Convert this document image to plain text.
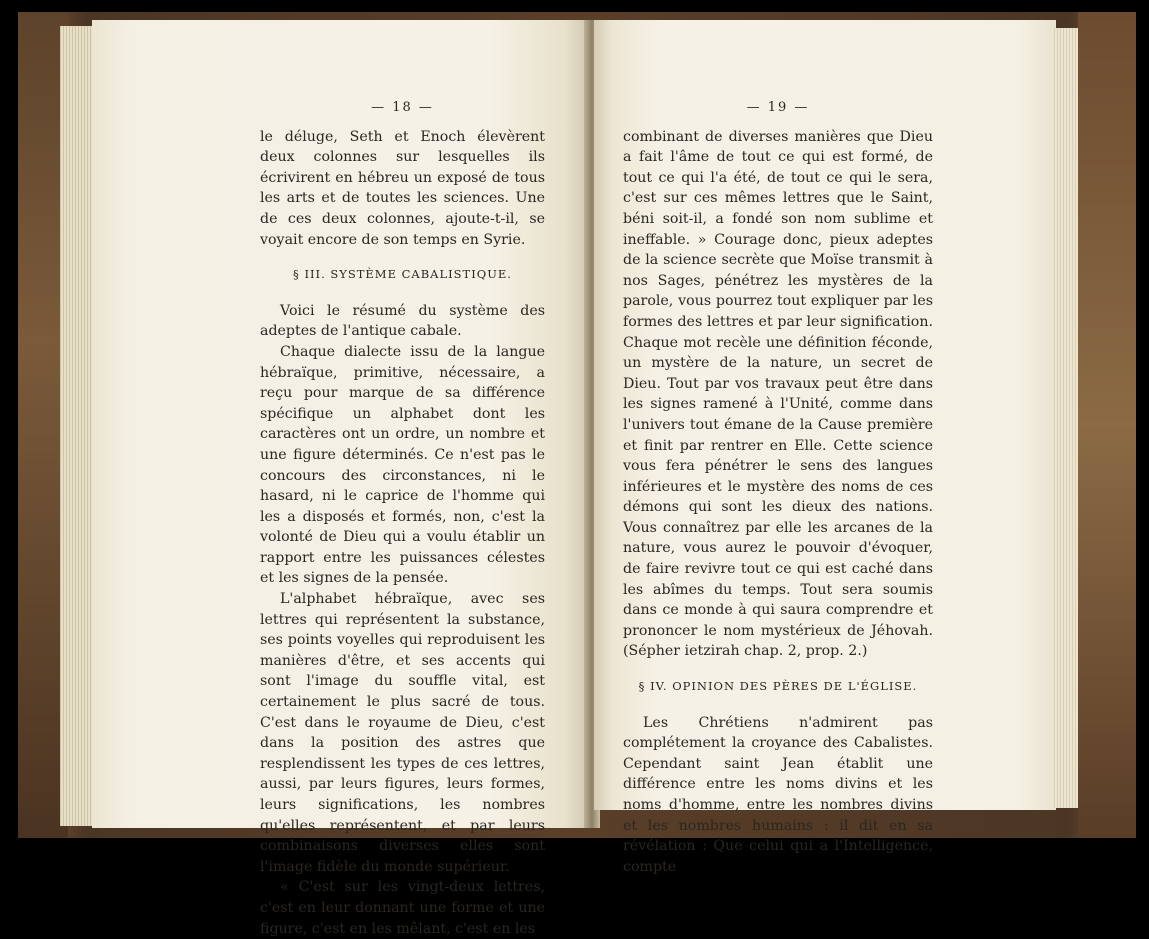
— 18 —

le déluge, Seth et Enoch élevèrent deux colonnes sur lesquelles ils écrivirent en hébreu un exposé de tous les arts et de toutes les sciences. Une de ces deux colonnes, ajoute-t-il, se voyait encore de son temps en Syrie.

§ III. SYSTÈME CABALISTIQUE.

Voici le résumé du système des adeptes de l'antique cabale.

Chaque dialecte issu de la langue hébraïque, primitive, nécessaire, a reçu pour marque de sa différence spécifique un alphabet dont les caractères ont un ordre, un nombre et une figure déterminés. Ce n'est pas le concours des circonstances, ni le hasard, ni le caprice de l'homme qui les a disposés et formés, non, c'est la volonté de Dieu qui a voulu établir un rapport entre les puissances célestes et les signes de la pensée.

L'alphabet hébraïque, avec ses lettres qui représentent la substance, ses points voyelles qui reproduisent les manières d'être, et ses accents qui sont l'image du souffle vital, est certainement le plus sacré de tous. C'est dans le royaume de Dieu, c'est dans la position des astres que resplendissent les types de ces lettres, aussi, par leurs figures, leurs formes, leurs significations, les nombres qu'elles représentent, et par leurs combinaisons diverses elles sont l'image fidèle du monde supérieur.

« C'est sur les vingt-deux lettres, c'est en leur donnant une forme et une figure, c'est en les mêlant, c'est en les

— 19 —

combinant de diverses manières que Dieu a fait l'âme de tout ce qui est formé, de tout ce qui l'a été, de tout ce qui le sera, c'est sur ces mêmes lettres que le Saint, béni soit-il, a fondé son nom sublime et ineffable. » Courage donc, pieux adeptes de la science secrète que Moïse transmit à nos Sages, pénétrez les mystères de la parole, vous pourrez tout expliquer par les formes des lettres et par leur signification. Chaque mot recèle une définition féconde, un mystère de la nature, un secret de Dieu. Tout par vos travaux peut être dans les signes ramené à l'Unité, comme dans l'univers tout émane de la Cause première et finit par rentrer en Elle. Cette science vous fera pénétrer le sens des langues inférieures et le mystère des noms de ces démons qui sont les dieux des nations. Vous connaîtrez par elle les arcanes de la nature, vous aurez le pouvoir d'évoquer, de faire revivre tout ce qui est caché dans les abîmes du temps. Tout sera soumis dans ce monde à qui saura comprendre et prononcer le nom mystérieux de Jéhovah. (Sépher ietzirah chap. 2, prop. 2.)

§ IV. OPINION DES PÈRES DE L'ÉGLISE.

Les Chrétiens n'admirent pas complétement la croyance des Cabalistes. Cependant saint Jean établit une différence entre les noms divins et les noms d'homme, entre les nombres divins et les nombres humains : il dit en sa révélation : Que celui qui a l'Intelligence, compte
